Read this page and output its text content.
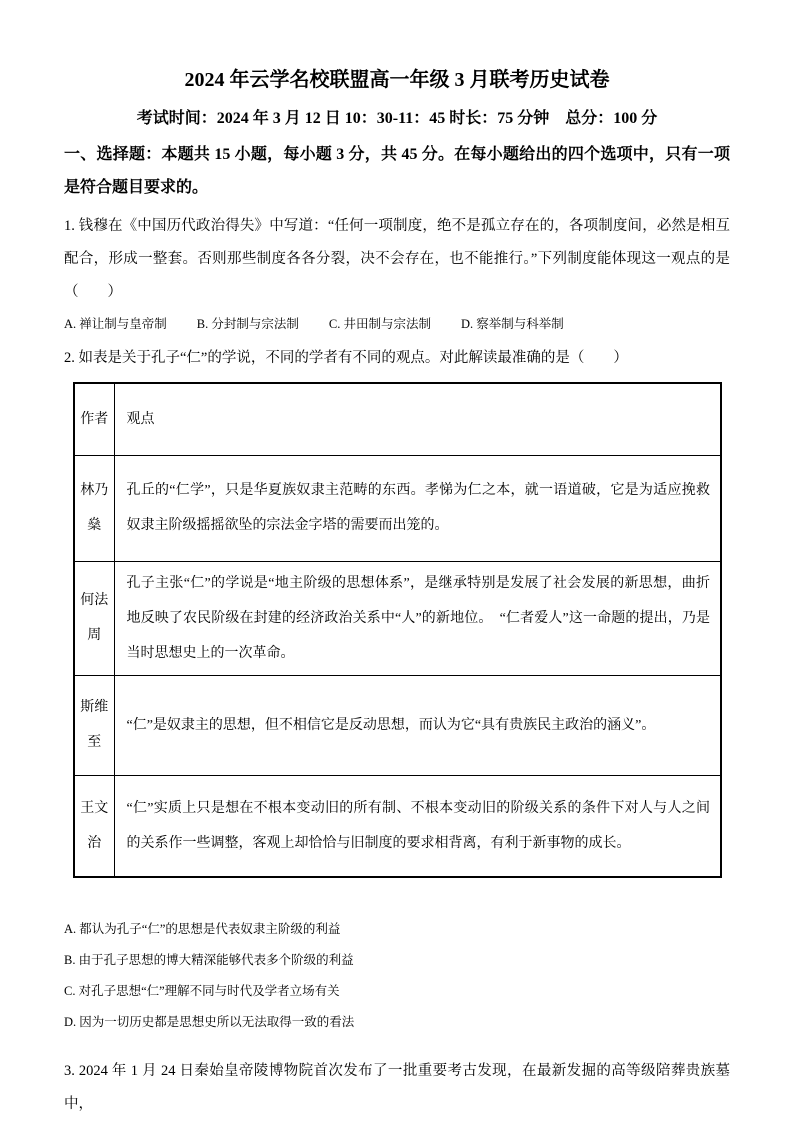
2024 年云学名校联盟高一年级 3 月联考历史试卷
考试时间：2024 年 3 月 12 日 10：30-11：45 时长：75 分钟　总分：100 分

一、选择题：本题共 15 小题，每小题 3 分，共 45 分。在每小题给出的四个选项中，只有一项是符合题目要求的。

1. 钱穆在《中国历代政治得失》中写道：“任何一项制度，绝不是孤立存在的，各项制度间，必然是相互配合，形成一整套。否则那些制度各各分裂，决不会存在，也不能推行。”下列制度能体现这一观点的是（　　）

A. 禅让制与皇帝制 B. 分封制与宗法制 C. 井田制与宗法制 D. 察举制与科举制

2. 如表是关于孔子“仁”的学说，不同的学者有不同的观点。对此解读最准确的是（　　）

作者	观点
林乃燊	孔丘的“仁学”，只是华夏族奴隶主范畴的东西。孝悌为仁之本，就一语道破，它是为适应挽救奴隶主阶级摇摇欲坠的宗法金字塔的需要而出笼的。
何法周	孔子主张“仁”的学说是“地主阶级的思想体系”，是继承特别是发展了社会发展的新思想，曲折地反映了农民阶级在封建的经济政治关系中“人”的新地位。　“仁者爱人”这一命题的提出，乃是当时思想史上的一次革命。
斯维至	“仁”是奴隶主的思想，但不相信它是反动思想，而认为它“具有贵族民主政治的涵义”。
王文治	“仁”实质上只是想在不根本变动旧的所有制、不根本变动旧的阶级关系的条件下对人与人之间的关系作一些调整，客观上却恰恰与旧制度的要求相背离，有利于新事物的成长。
A. 都认为孔子“仁”的思想是代表奴隶主阶级的利益
B. 由于孔子思想的博大精深能够代表多个阶级的利益
C. 对孔子思想“仁”理解不同与时代及学者立场有关
D. 因为一切历史都是思想史所以无法取得一致的看法

3. 2024 年 1 月 24 日秦始皇帝陵博物院首次发布了一批重要考古发现，在最新发掘的高等级陪葬贵族墓中，
